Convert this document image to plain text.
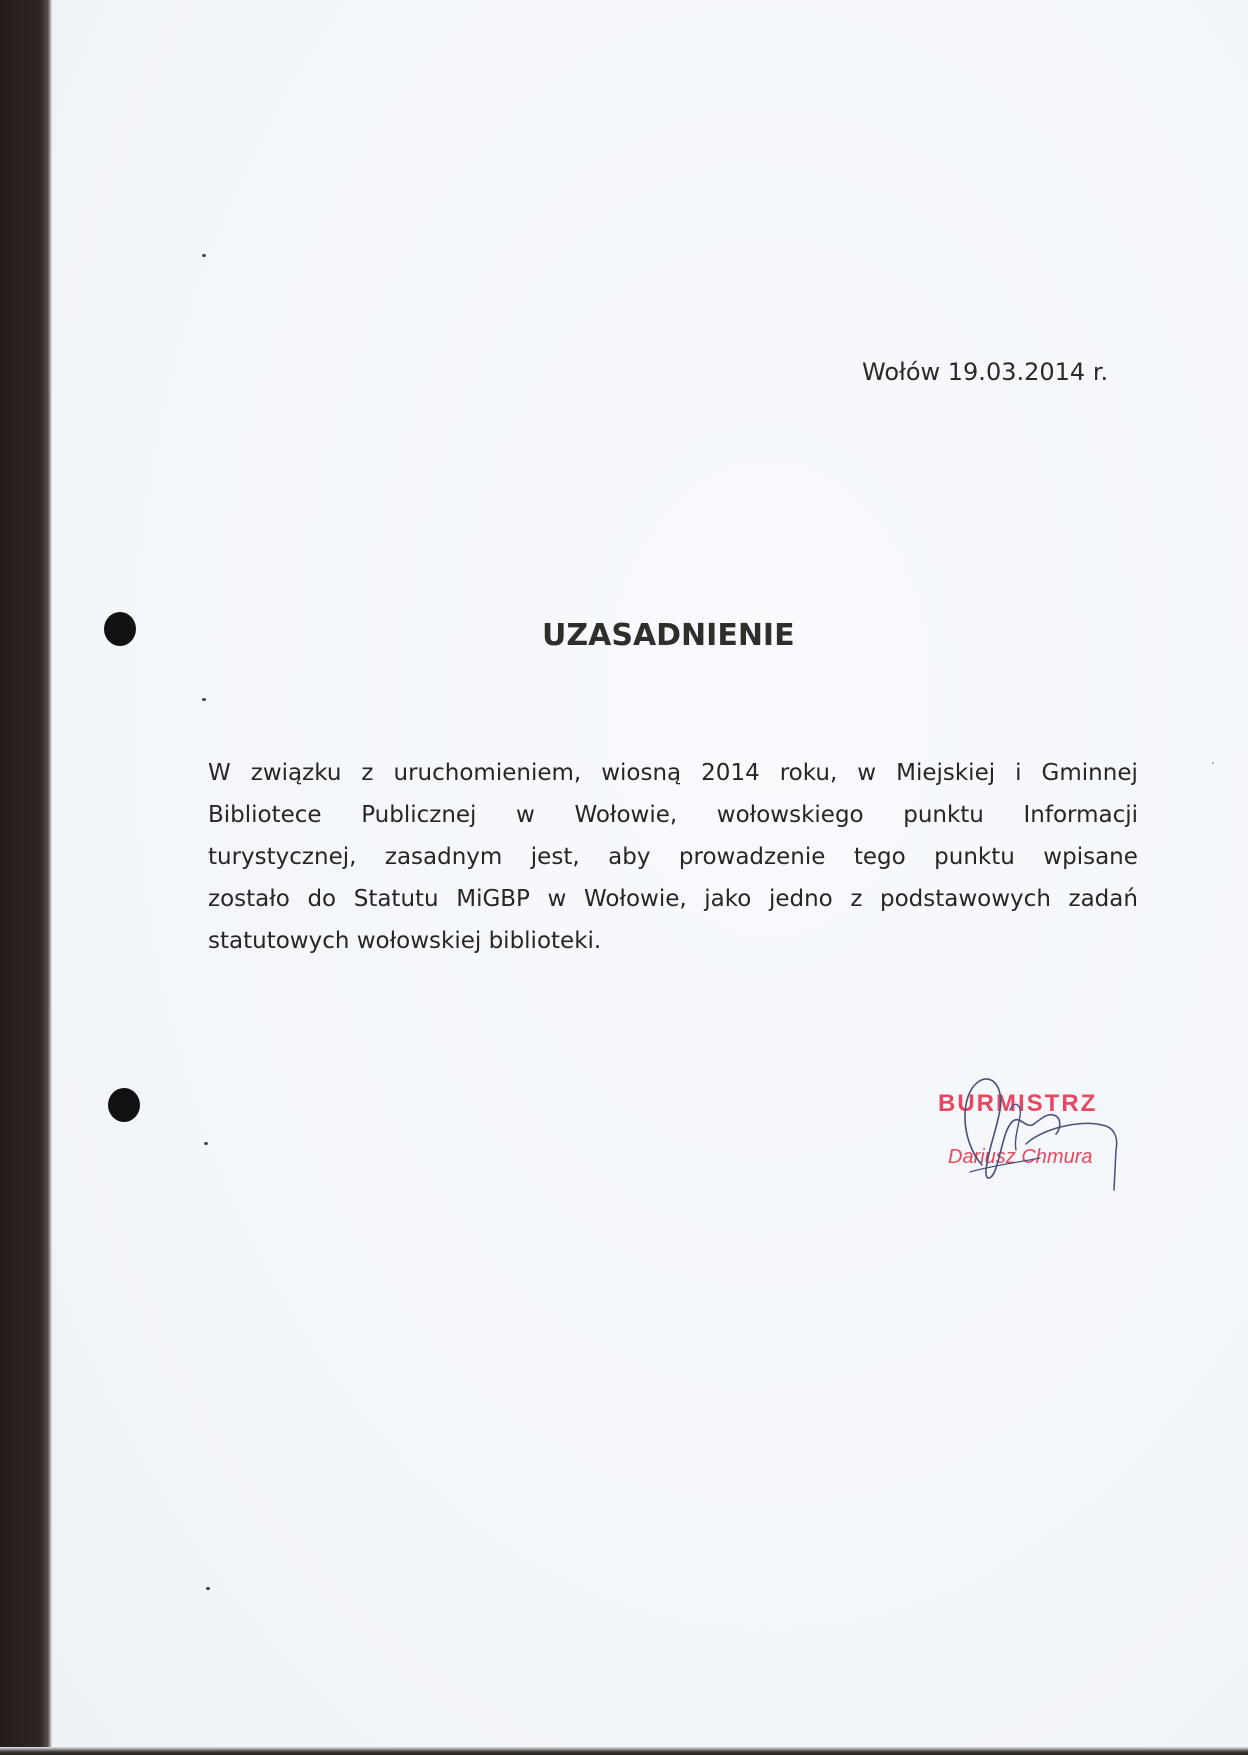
Wołów 19.03.2014 r.
UZASADNIENIE
W związku z uruchomieniem, wiosną 2014 roku, w Miejskiej i Gminnej
Bibliotece Publicznej w Wołowie, wołowskiego punktu Informacji
turystycznej, zasadnym jest, aby prowadzenie tego punktu wpisane
zostało do Statutu MiGBP w Wołowie, jako jedno z podstawowych zadań
statutowych wołowskiej biblioteki.
BURMISTRZ
Dariusz Chmura
